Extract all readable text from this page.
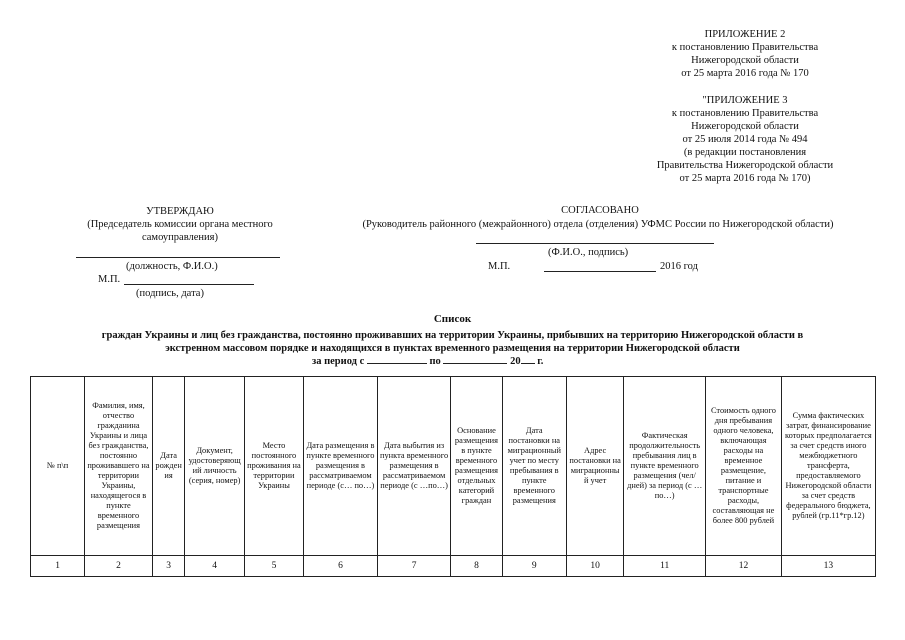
ПРИЛОЖЕНИЕ 2
к постановлению Правительства
Нижегородской области
от 25 марта 2016 года № 170
"ПРИЛОЖЕНИЕ 3
к постановлению Правительства
Нижегородской области
от 25 июля 2014 года № 494
(в редакции постановления
Правительства Нижегородской области
от 25 марта 2016 года № 170)
УТВЕРЖДАЮ
(Председатель комиссии органа местного
самоуправления)
(должность, Ф.И.О.)
М.П.
(подпись, дата)
СОГЛАСОВАНО
(Руководитель районного (межрайонного) отдела (отделения) УФМС России по Нижегородской области)
(Ф.И.О., подпись)
М.П.	2016 год
Список
граждан Украины и лиц без гражданства, постоянно проживавших на территории Украины, прибывших на территорию Нижегородской области в
экстренном массовом порядке и находящихся в пунктах временного размещения на территории Нижегородской области
за период с	по	20 г.
№ п\п	Фамилия, имя, отчество гражданина Украины и лица без гражданства, постоянно проживавшего на территории Украины, находящегося в пункте временного размещения	Дата рождения	Документ, удостоверяющий личность (серия, номер)	Место постоянного проживания на территории Украины	Дата размещения в пункте временного размещения в рассматриваемом периоде (с… по…)	Дата выбытия из пункта временного размещения в рассматриваемом периоде (с …по…)	Основание размещения в пункте временного размещения отдельных категорий граждан	Дата постановки на миграционный учет по месту пребывания в пункте временного размещения	Адрес постановки на миграционный учет	Фактическая продолжительность пребывания лиц в пункте временного размещения (чел/дней) за период (с … по…)	Стоимость одного дня пребывания одного человека, включающая расходы на временное размещение, питание и транспортные расходы, составляющая не более 800 рублей	Сумма фактических затрат, финансирование которых предполагается за счет средств иного межбюджетного трансферта, предоставляемого Нижегородской области за счет средств федерального бюджета, рублей (гр.11*гр.12)
1	2	3	4	5	6	7	8	9	10	11	12	13
